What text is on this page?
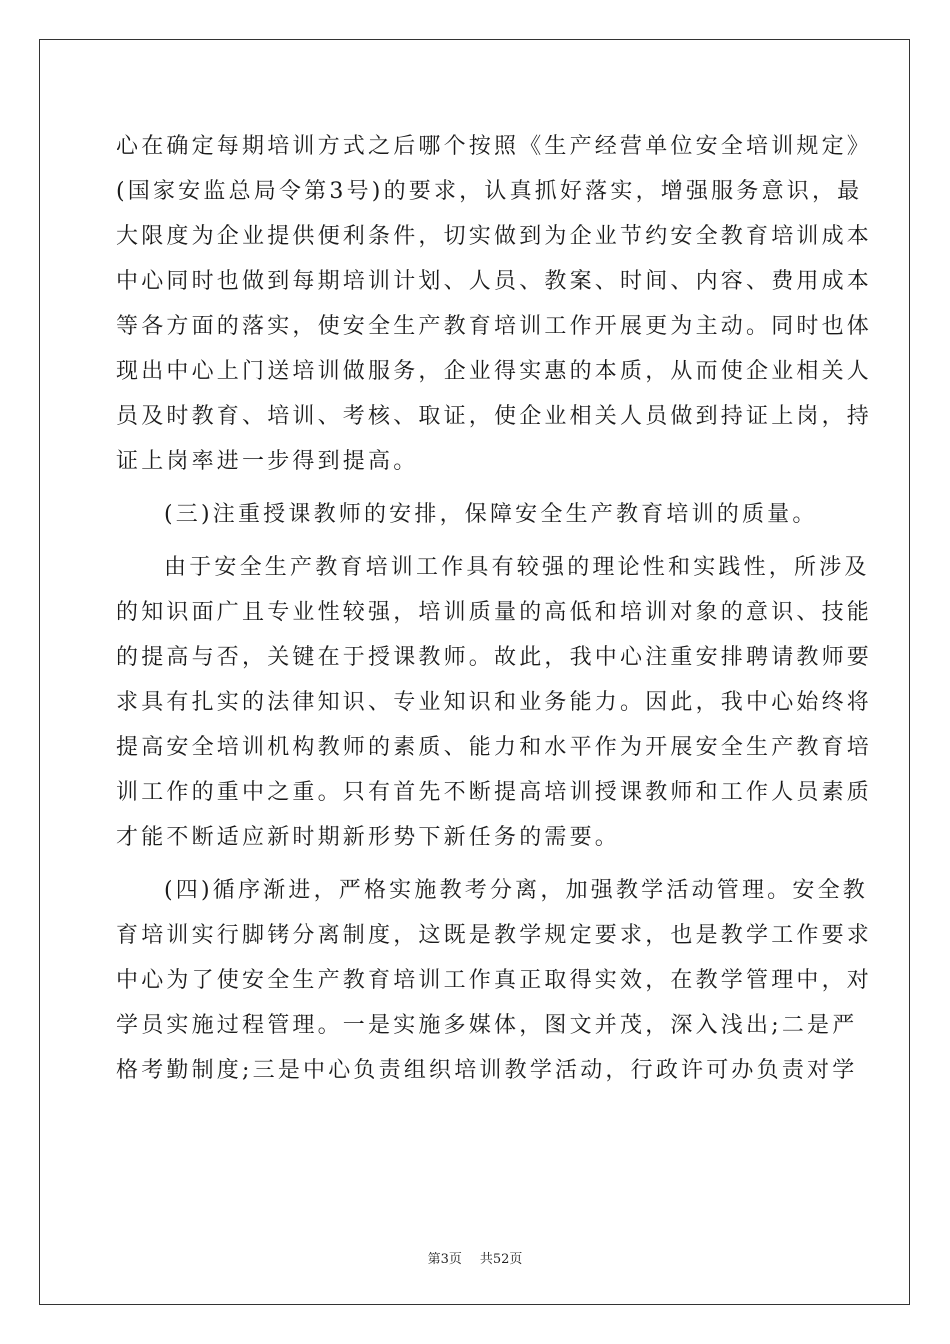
心在确定每期培训方式之后哪个按照《生产经营单位安全培训规定》
(国家安监总局令第3号)的要求，认真抓好落实，增强服务意识，最
大限度为企业提供便利条件，切实做到为企业节约安全教育培训成本
中心同时也做到每期培训计划、人员、教案、时间、内容、费用成本
等各方面的落实，使安全生产教育培训工作开展更为主动。同时也体
现出中心上门送培训做服务，企业得实惠的本质，从而使企业相关人
员及时教育、培训、考核、取证，使企业相关人员做到持证上岗，持
证上岗率进一步得到提高。
(三)注重授课教师的安排，保障安全生产教育培训的质量。
由于安全生产教育培训工作具有较强的理论性和实践性，所涉及
的知识面广且专业性较强，培训质量的高低和培训对象的意识、技能
的提高与否，关键在于授课教师。故此，我中心注重安排聘请教师要
求具有扎实的法律知识、专业知识和业务能力。因此，我中心始终将
提高安全培训机构教师的素质、能力和水平作为开展安全生产教育培
训工作的重中之重。只有首先不断提高培训授课教师和工作人员素质
才能不断适应新时期新形势下新任务的需要。
(四)循序渐进，严格实施教考分离，加强教学活动管理。安全教
育培训实行脚铐分离制度，这既是教学规定要求，也是教学工作要求
中心为了使安全生产教育培训工作真正取得实效，在教学管理中，对
学员实施过程管理。一是实施多媒体，图文并茂，深入浅出;二是严
格考勤制度;三是中心负责组织培训教学活动，行政许可办负责对学
第3页 共52页
